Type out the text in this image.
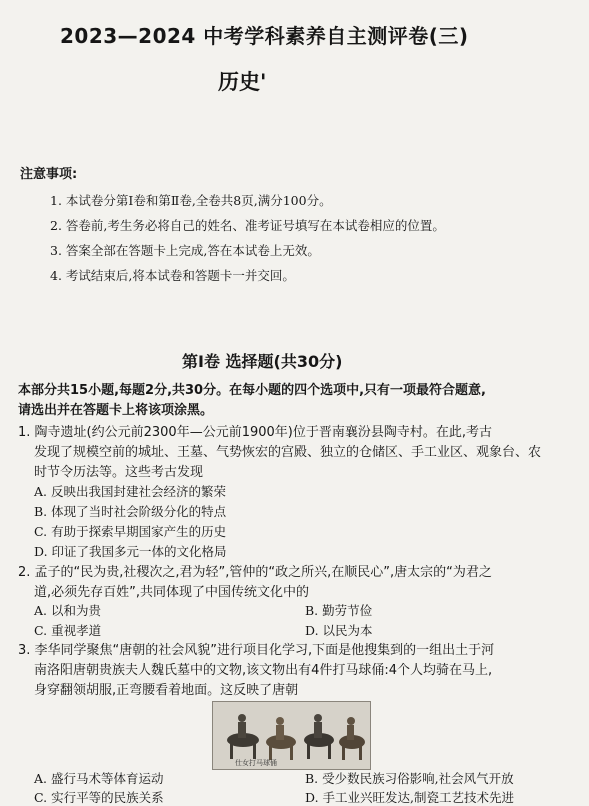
2023—2024 中考学科素养自主测评卷(三)
历史'
注意事项:
1. 本试卷分第Ⅰ卷和第Ⅱ卷,全卷共8页,满分100分。
2. 答卷前,考生务必将自己的姓名、准考证号填写在本试卷相应的位置。
3. 答案全部在答题卡上完成,答在本试卷上无效。
4. 考试结束后,将本试卷和答题卡一并交回。
第Ⅰ卷 选择题(共30分)
本部分共15小题,每题2分,共30分。在每小题的四个选项中,只有一项最符合题意,
请选出并在答题卡上将该项涂黑。
1. 陶寺遗址(约公元前2300年—公元前1900年)位于晋南襄汾县陶寺村。在此,考古
发现了规模空前的城址、王墓、气势恢宏的宫殿、独立的仓储区、手工业区、观象台、农
时节令历法等。这些考古发现
A. 反映出我国封建社会经济的繁荣
B. 体现了当时社会阶级分化的特点
C. 有助于探索早期国家产生的历史
D. 印证了我国多元一体的文化格局
2. 孟子的“民为贵,社稷次之,君为轻”,管仲的“政之所兴,在顺民心”,唐太宗的“为君之
道,必须先存百姓”,共同体现了中国传统文化中的
A. 以和为贵	B. 勤劳节俭
C. 重视孝道	D. 以民为本
3. 李华同学聚焦“唐朝的社会风貌”进行项目化学习,下面是他搜集到的一组出土于河
南洛阳唐朝贵族夫人魏氏墓中的文物,该文物出有4件打马球俑:4个人均骑在马上,
身穿翻领胡服,正弯腰看着地面。这反映了唐朝
仕女打马球俑
A. 盛行马术等体育运动	B. 受少数民族习俗影响,社会风气开放
C. 实行平等的民族关系	D. 手工业兴旺发达,制瓷工艺技术先进
